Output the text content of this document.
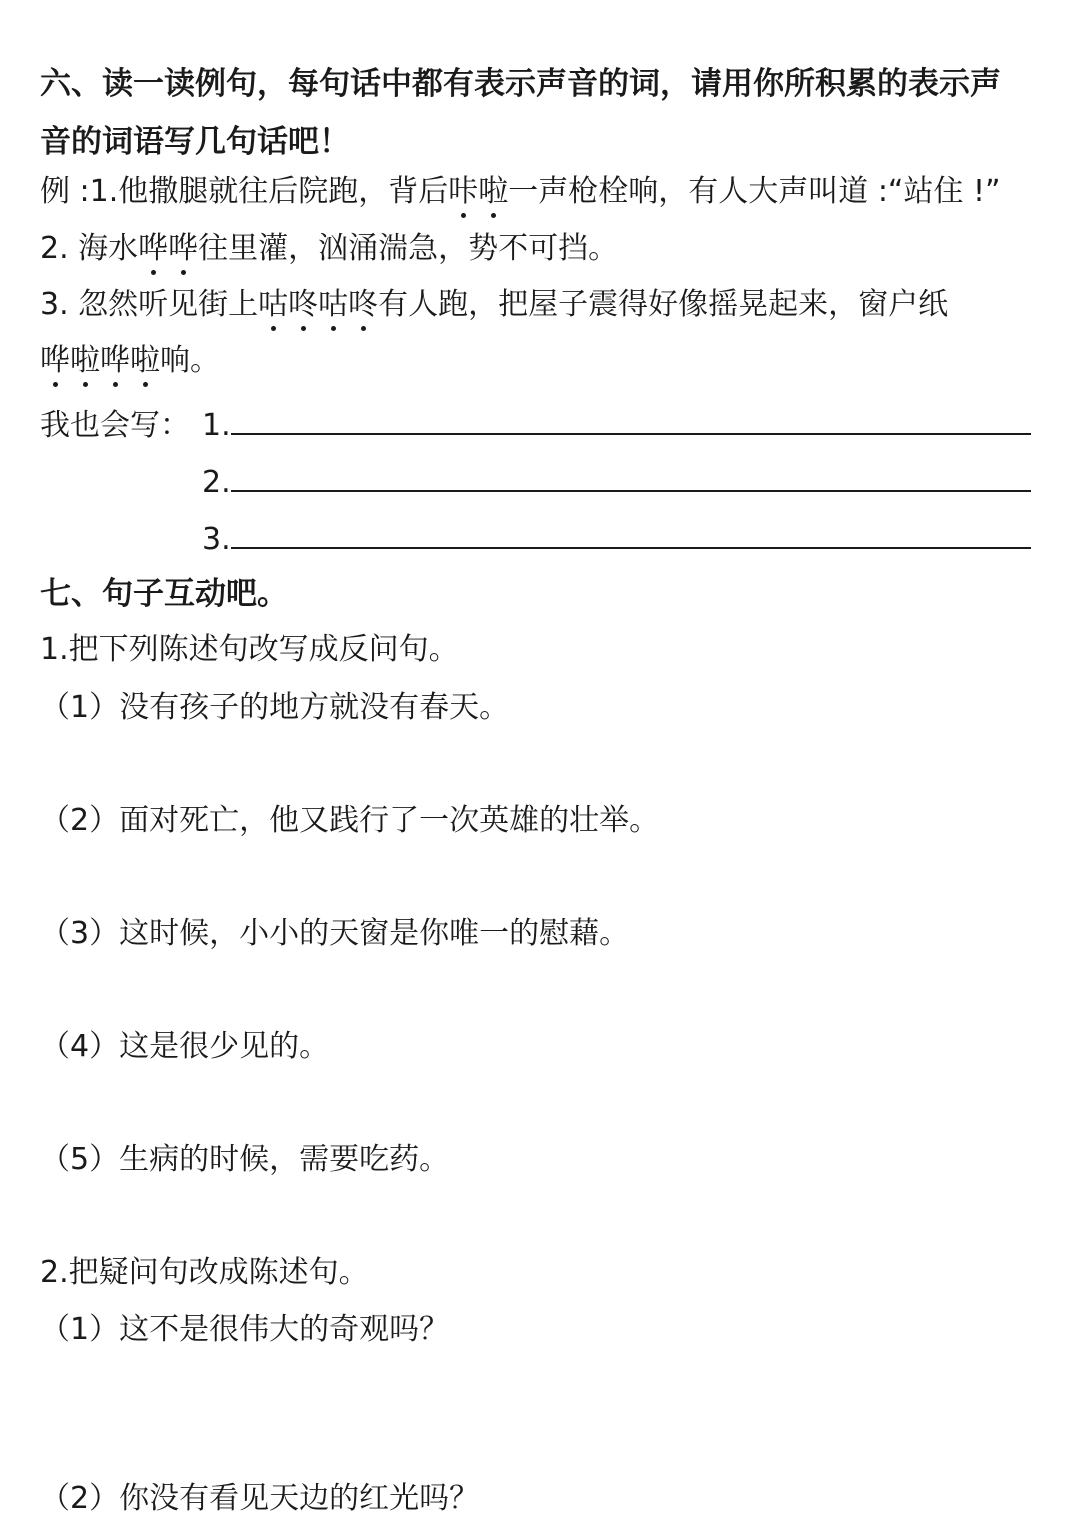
六、读一读例句，每句话中都有表示声音的词，请用你所积累的表示声
音的词语写几句话吧！
例 :1.他撒腿就往后院跑，背后咔啦一声枪栓响，有人大声叫道 :“站住 !”
2. 海水哗哗往里灌，汹涌湍急，势不可挡。
3. 忽然听见街上咕咚咕咚有人跑，把屋子震得好像摇晃起来，窗户纸
哗啦哗啦响。
我也会写： 1.
2.
3.
七、句子互动吧。
1.把下列陈述句改写成反问句。
（1）没有孩子的地方就没有春天。
（2）面对死亡，他又践行了一次英雄的壮举。
（3）这时候，小小的天窗是你唯一的慰藉。
（4）这是很少见的。
（5）生病的时候，需要吃药。
2.把疑问句改成陈述句。
（1）这不是很伟大的奇观吗？
（2）你没有看见天边的红光吗？
